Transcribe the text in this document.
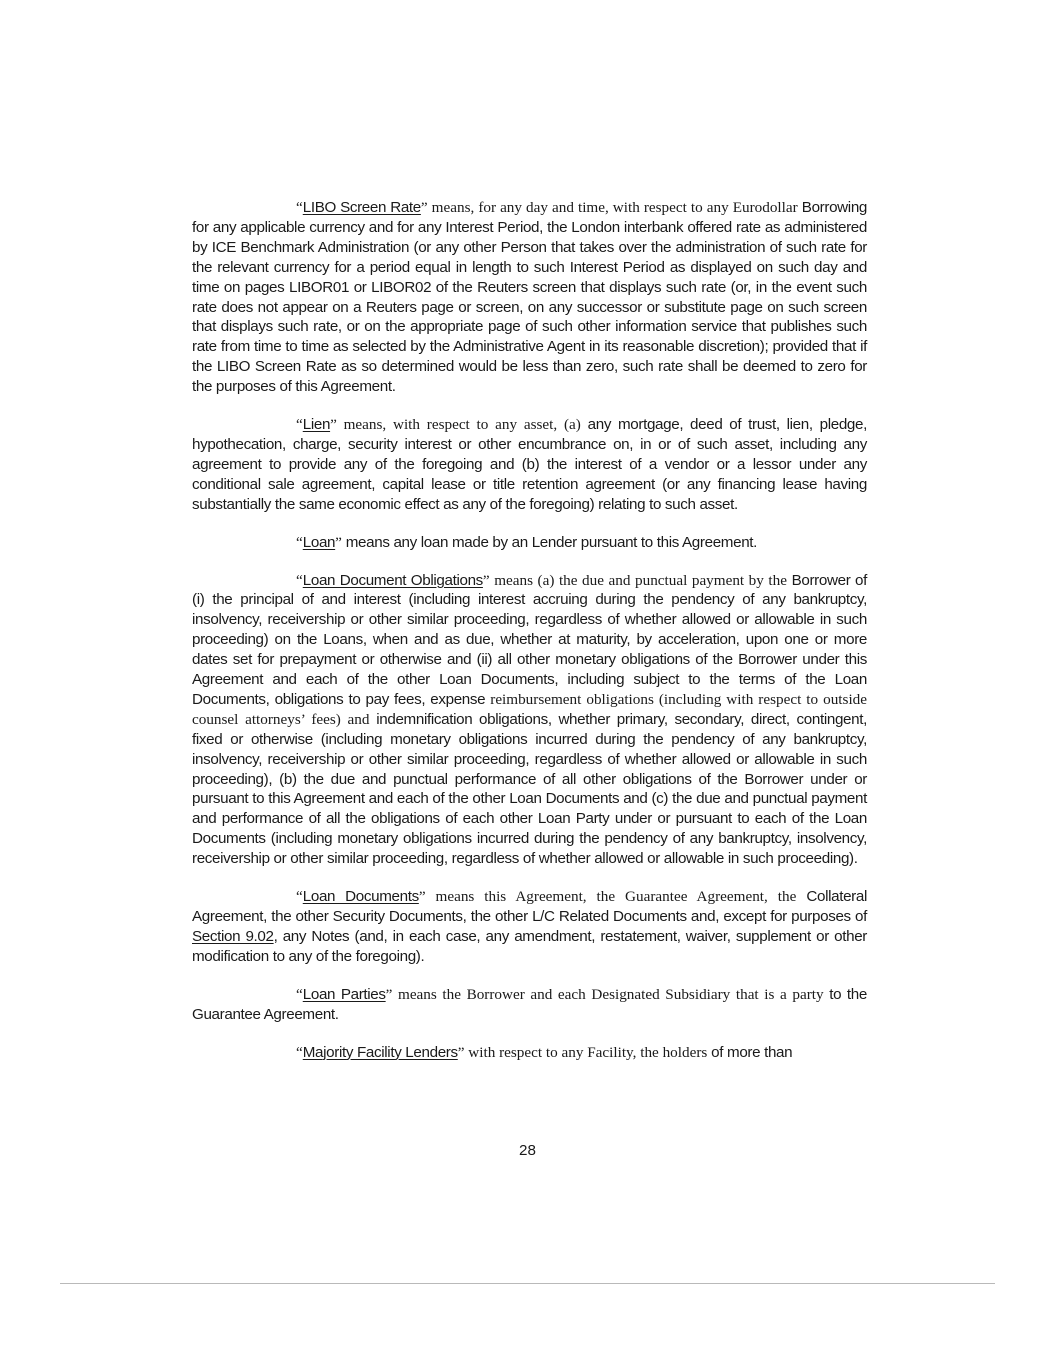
“LIBO Screen Rate” means, for any day and time, with respect to any Eurodollar Borrowing for any applicable currency and for any Interest Period, the London interbank offered rate as administered by ICE Benchmark Administration (or any other Person that takes over the administration of such rate for the relevant currency for a period equal in length to such Interest Period as displayed on such day and time on pages LIBOR01 or LIBOR02 of the Reuters screen that displays such rate (or, in the event such rate does not appear on a Reuters page or screen, on any successor or substitute page on such screen that displays such rate, or on the appropriate page of such other information service that publishes such rate from time to time as selected by the Administrative Agent in its reasonable discretion); provided that if the LIBO Screen Rate as so determined would be less than zero, such rate shall be deemed to zero for the purposes of this Agreement.

“Lien” means, with respect to any asset, (a) any mortgage, deed of trust, lien, pledge, hypothecation, charge, security interest or other encumbrance on, in or of such asset, including any agreement to provide any of the foregoing and (b) the interest of a vendor or a lessor under any conditional sale agreement, capital lease or title retention agreement (or any financing lease having substantially the same economic effect as any of the foregoing) relating to such asset.

“Loan” means any loan made by an Lender pursuant to this Agreement.

“Loan Document Obligations” means (a) the due and punctual payment by the Borrower of (i) the principal of and interest (including interest accruing during the pendency of any bankruptcy, insolvency, receivership or other similar proceeding, regardless of whether allowed or allowable in such proceeding) on the Loans, when and as due, whether at maturity, by acceleration, upon one or more dates set for prepayment or otherwise and (ii) all other monetary obligations of the Borrower under this Agreement and each of the other Loan Documents, including subject to the terms of the Loan Documents, obligations to pay fees, expense reimbursement obligations (including with respect to outside counsel attorneys’ fees) and indemnification obligations, whether primary, secondary, direct, contingent, fixed or otherwise (including monetary obligations incurred during the pendency of any bankruptcy, insolvency, receivership or other similar proceeding, regardless of whether allowed or allowable in such proceeding), (b) the due and punctual performance of all other obligations of the Borrower under or pursuant to this Agreement and each of the other Loan Documents and (c) the due and punctual payment and performance of all the obligations of each other Loan Party under or pursuant to each of the Loan Documents (including monetary obligations incurred during the pendency of any bankruptcy, insolvency, receivership or other similar proceeding, regardless of whether allowed or allowable in such proceeding).

“Loan Documents” means this Agreement, the Guarantee Agreement, the Collateral Agreement, the other Security Documents, the other L/C Related Documents and, except for purposes of Section 9.02, any Notes (and, in each case, any amendment, restatement, waiver, supplement or other modification to any of the foregoing).

“Loan Parties” means the Borrower and each Designated Subsidiary that is a party to the Guarantee Agreement.

“Majority Facility Lenders” with respect to any Facility, the holders of more than

28
